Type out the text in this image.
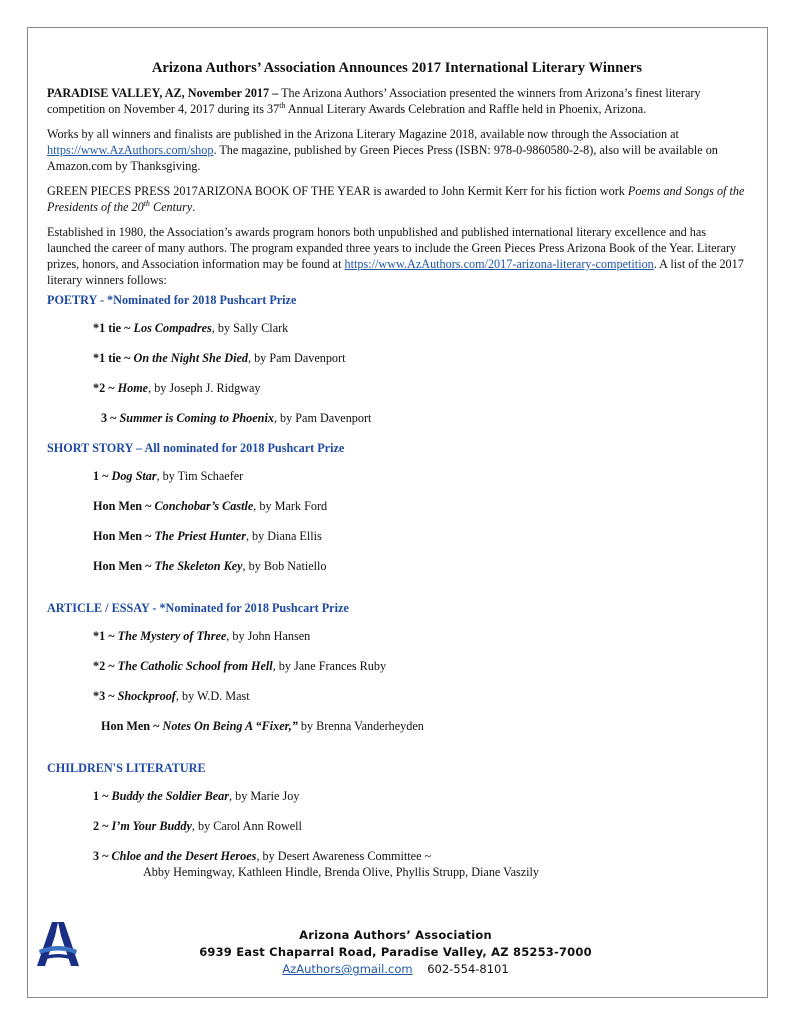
Arizona Authors’ Association Announces 2017 International Literary Winners

PARADISE VALLEY, AZ, November 2017 – The Arizona Authors’ Association presented the winners from Arizona’s finest literary competition on November 4, 2017 during its 37th Annual Literary Awards Celebration and Raffle held in Phoenix, Arizona.

Works by all winners and finalists are published in the Arizona Literary Magazine 2018, available now through the Association at https://www.AzAuthors.com/shop. The magazine, published by Green Pieces Press (ISBN: 978-0-9860580-2-8), also will be available on Amazon.com by Thanksgiving.

GREEN PIECES PRESS 2017ARIZONA BOOK OF THE YEAR is awarded to John Kermit Kerr for his fiction work Poems and Songs of the Presidents of the 20th Century.

Established in 1980, the Association’s awards program honors both unpublished and published international literary excellence and has launched the career of many authors. The program expanded three years to include the Green Pieces Press Arizona Book of the Year. Literary prizes, honors, and Association information may be found at https://www.AzAuthors.com/2017-arizona-literary-competition. A list of the 2017 literary winners follows:

POETRY - *Nominated for 2018 Pushcart Prize
*1 tie ~ Los Compadres, by Sally Clark
*1 tie ~ On the Night She Died, by Pam Davenport
*2 ~ Home, by Joseph J. Ridgway
3 ~ Summer is Coming to Phoenix, by Pam Davenport
SHORT STORY – All nominated for 2018 Pushcart Prize
1 ~ Dog Star, by Tim Schaefer
Hon Men ~ Conchobar’s Castle, by Mark Ford
Hon Men ~ The Priest Hunter, by Diana Ellis
Hon Men ~ The Skeleton Key, by Bob Natiello
ARTICLE / ESSAY - *Nominated for 2018 Pushcart Prize
*1 ~ The Mystery of Three, by John Hansen
*2 ~ The Catholic School from Hell, by Jane Frances Ruby
*3 ~ Shockproof, by W.D. Mast
Hon Men ~ Notes On Being A “Fixer,” by Brenna Vanderheyden
CHILDREN'S LITERATURE
1 ~ Buddy the Soldier Bear, by Marie Joy
2 ~ I’m Your Buddy, by Carol Ann Rowell
3 ~ Chloe and the Desert Heroes, by Desert Awareness Committee ~
Abby Hemingway, Kathleen Hindle, Brenda Olive, Phyllis Strupp, Diane Vaszily
Arizona Authors’ Association
6939 East Chaparral Road, Paradise Valley, AZ 85253-7000
AzAuthors@gmail.com 602-554-8101
